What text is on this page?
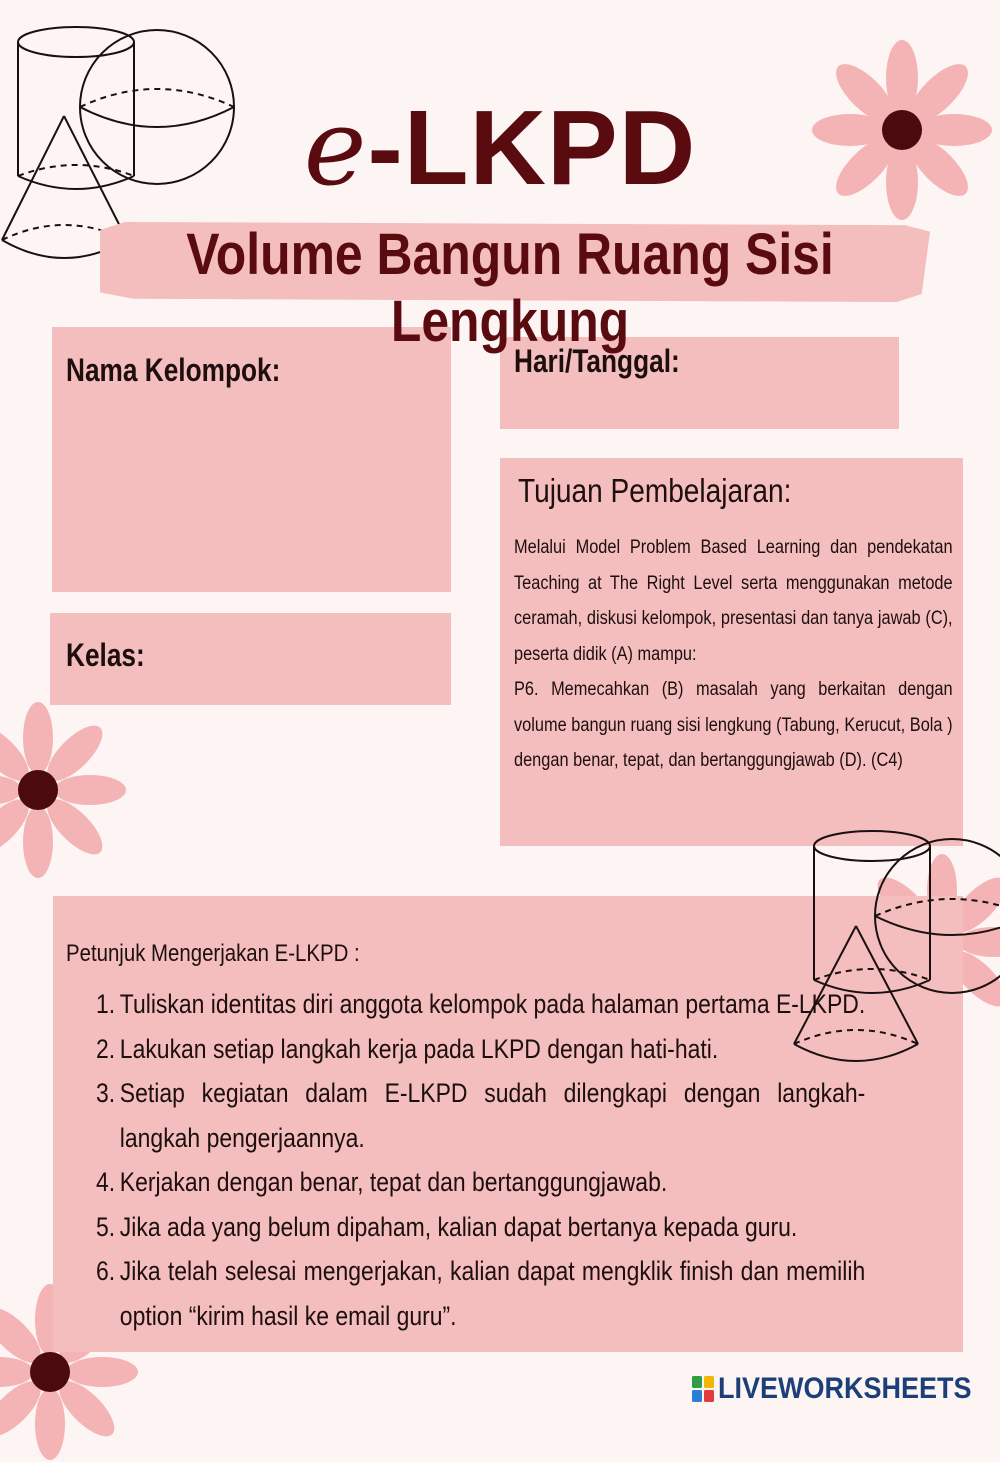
e-LKPD
Volume Bangun Ruang Sisi Lengkung
Nama Kelompok:	Hari/Tanggal:
Kelas:
Tujuan Pembelajaran:

Melalui Model Problem Based Learning dan pendekatan Teaching at The Right Level serta menggunakan metode ceramah, diskusi kelompok, presentasi dan tanya jawab (C), peserta didik (A) mampu:

P6. Memecahkan (B) masalah yang berkaitan dengan volume bangun ruang sisi lengkung (Tabung, Kerucut, Bola ) dengan benar, tepat, dan bertanggungjawab (D). (C4)

Petunjuk Mengerjakan E-LKPD :
1. Tuliskan identitas diri anggota kelompok pada halaman pertama E-LKPD.
2. Lakukan setiap langkah kerja pada LKPD dengan hati-hati.
3. Setiap kegiatan dalam E-LKPD sudah dilengkapi dengan langkah-langkah pengerjaannya.
4. Kerjakan dengan benar, tepat dan bertanggungjawab.
5. Jika ada yang belum dipaham, kalian dapat bertanya kepada guru.
6. Jika telah selesai mengerjakan, kalian dapat mengklik finish dan memilih option “kirim hasil ke email guru”.
LIVEWORKSHEETS
